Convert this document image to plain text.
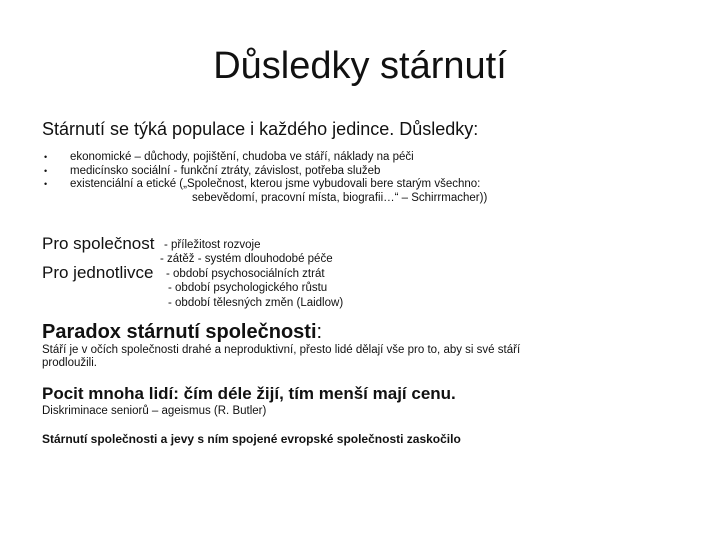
Důsledky stárnutí
Stárnutí se týká populace i každého jedince. Důsledky:
• ekonomické – důchody, pojištění, chudoba ve stáří, náklady na péči
• medicínsko sociální - funkční ztráty, závislost, potřeba služeb
• existenciální a etické („Společnost, kterou jsme vybudovali bere starým všechno:
sebevědomí, pracovní místa, biografii…“ – Schirrmacher))
Pro společnost - příležitost rozvoje
- zátěž - systém dlouhodobé péče
Pro jednotlivce - období psychosociálních ztrát
- období psychologického růstu
- období tělesných změn (Laidlow)
Paradox stárnutí společnosti:
Stáří je v očích společnosti drahé a neproduktivní, přesto lidé dělají vše pro to, aby si své stáří prodloužili.
Pocit mnoha lidí: čím déle žijí, tím menší mají cenu.
Diskriminace seniorů – ageismus (R. Butler)
Stárnutí společnosti a jevy s ním spojené evropské společnosti zaskočilo
